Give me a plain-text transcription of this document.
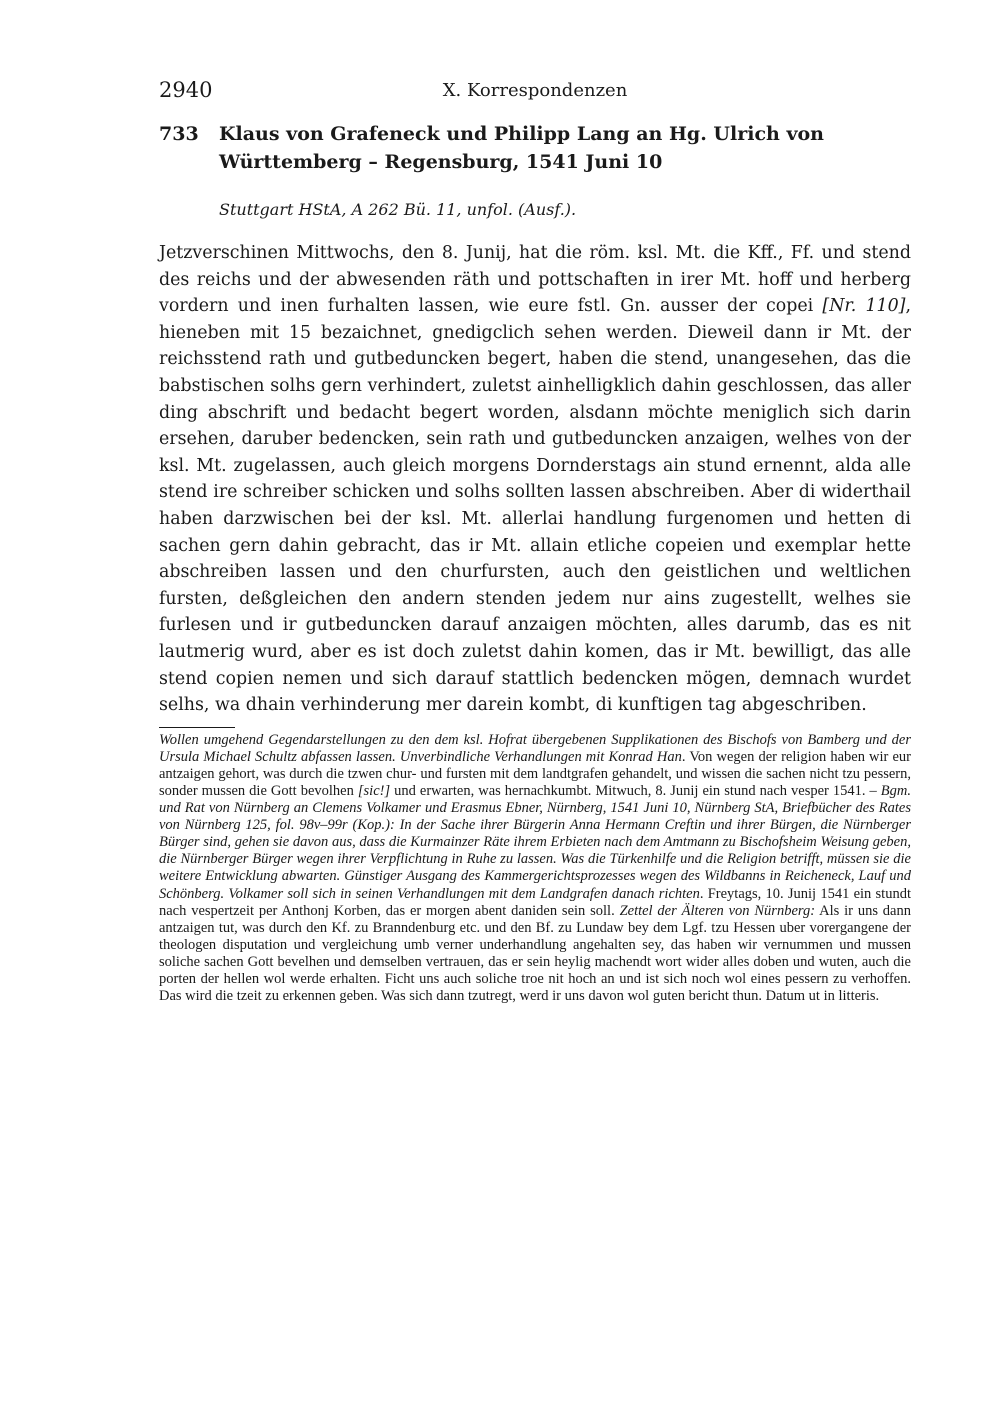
2940	X. Korrespondenzen
733	Klaus von Grafeneck und Philipp Lang an Hg. Ulrich von Württemberg – Regensburg, 1541 Juni 10
Stuttgart HStA, A 262 Bü. 11, unfol. (Ausf.).
Jetzverschinen Mittwochs, den 8. Junij, hat die röm. ksl. Mt. die Kff., Ff. und stend des reichs und der abwesenden räth und pottschaften in irer Mt. hoff und herberg vordern und inen furhalten lassen, wie eure fstl. Gn. ausser der copei [Nr. 110], hieneben mit 15 bezaichnet, gnedigclich sehen werden. Dieweil dann ir Mt. der reichsstend rath und gutbeduncken begert, haben die stend, unangesehen, das die babstischen solhs gern verhindert, zuletst ainhelligklich dahin geschlossen, das aller ding abschrift und bedacht begert worden, alsdann möchte meniglich sich darin ersehen, daruber bedencken, sein rath und gutbeduncken anzaigen, welhes von der ksl. Mt. zugelassen, auch gleich morgens Dornderstags ain stund ernennt, alda alle stend ire schreiber schicken und solhs sollten lassen abschreiben. Aber di widerthail haben darzwischen bei der ksl. Mt. allerlai handlung furgenomen und hetten di sachen gern dahin gebracht, das ir Mt. allain etliche copeien und exemplar hette abschreiben lassen und den churfursten, auch den geistlichen und weltlichen fursten, deßgleichen den andern stenden jedem nur ains zugestellt, welhes sie furlesen und ir gutbeduncken darauf anzaigen möchten, alles darumb, das es nit lautmerig wurd, aber es ist doch zuletst dahin komen, das ir Mt. bewilligt, das alle stend copien nemen und sich darauf stattlich bedencken mögen, demnach wurdet selhs, wa dhain verhinderung mer darein kombt, di kunftigen tag abgeschriben.
Wollen umgehend Gegendarstellungen zu den dem ksl. Hofrat übergebenen Supplikationen des Bischofs von Bamberg und der Ursula Michael Schultz abfassen lassen. Unverbindliche Verhandlungen mit Konrad Han. Von wegen der religion haben wir eur antzaigen gehort, was durch die tzwen chur- und fursten mit dem landtgrafen gehandelt, und wissen die sachen nicht tzu pessern, sonder mussen die Gott bevolhen [sic!] und erwarten, was hernachkumbt. Mitwuch, 8. Junij ein stund nach vesper 1541. – Bgm. und Rat von Nürnberg an Clemens Volkamer und Erasmus Ebner, Nürnberg, 1541 Juni 10, Nürnberg StA, Briefbücher des Rates von Nürnberg 125, fol. 98v–99r (Kop.): In der Sache ihrer Bürgerin Anna Hermann Creftin und ihrer Bürgen, die Nürnberger Bürger sind, gehen sie davon aus, dass die Kurmainzer Räte ihrem Erbieten nach dem Amtmann zu Bischofsheim Weisung geben, die Nürnberger Bürger wegen ihrer Verpflichtung in Ruhe zu lassen. Was die Türkenhilfe und die Religion betrifft, müssen sie die weitere Entwicklung abwarten. Günstiger Ausgang des Kammergerichtsprozesses wegen des Wildbanns in Reicheneck, Lauf und Schönberg. Volkamer soll sich in seinen Verhandlungen mit dem Landgrafen danach richten. Freytags, 10. Junij 1541 ein stundt nach vespertzeit per Anthonj Korben, das er morgen abent daniden sein soll. Zettel der Älteren von Nürnberg: Als ir uns dann antzaigen tut, was durch den Kf. zu Branndenburg etc. und den Bf. zu Lundaw bey dem Lgf. tzu Hessen uber vorergangene der theologen disputation und vergleichung umb verner underhandlung angehalten sey, das haben wir vernummen und mussen soliche sachen Gott bevelhen und demselben vertrauen, das er sein heylig machendt wort wider alles doben und wuten, auch die porten der hellen wol werde erhalten. Ficht uns auch soliche troe nit hoch an und ist sich noch wol eines pessern zu verhoffen. Das wird die tzeit zu erkennen geben. Was sich dann tzutregt, werd ir uns davon wol guten bericht thun. Datum ut in litteris.
